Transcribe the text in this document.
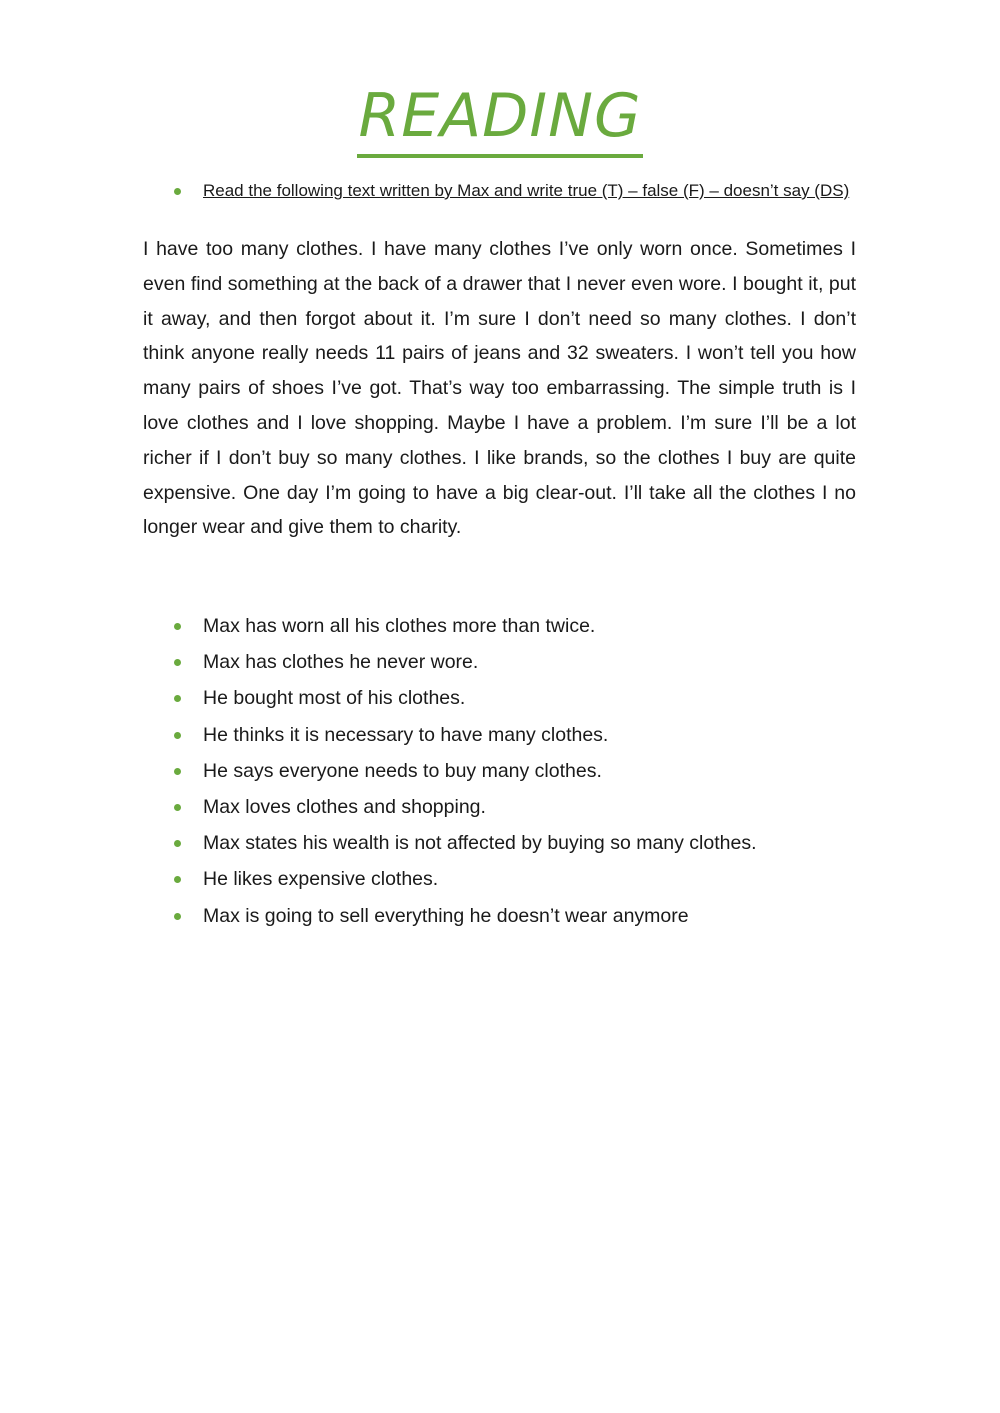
READING
Read the following text written by Max and write true (T) – false (F) – doesn’t say (DS)

I have too many clothes. I have many clothes I’ve only worn once. Sometimes I even find something at the back of a drawer that I never even wore. I bought it, put it away, and then forgot about it. I’m sure I don’t need so many clothes. I don’t think anyone really needs 11 pairs of jeans and 32 sweaters. I won’t tell you how many pairs of shoes I’ve got. That’s way too embarrassing. The simple truth is I love clothes and I love shopping. Maybe I have a problem. I’m sure I’ll be a lot richer if I don’t buy so many clothes. I like brands, so the clothes I buy are quite expensive. One day I’m going to have a big clear-out. I’ll take all the clothes I no longer wear and give them to charity.

Max has worn all his clothes more than twice.
Max has clothes he never wore.
He bought most of his clothes.
He thinks it is necessary to have many clothes.
He says everyone needs to buy many clothes.
Max loves clothes and shopping.
Max states his wealth is not affected by buying so many clothes.
He likes expensive clothes.
Max is going to sell everything he doesn’t wear anymore
